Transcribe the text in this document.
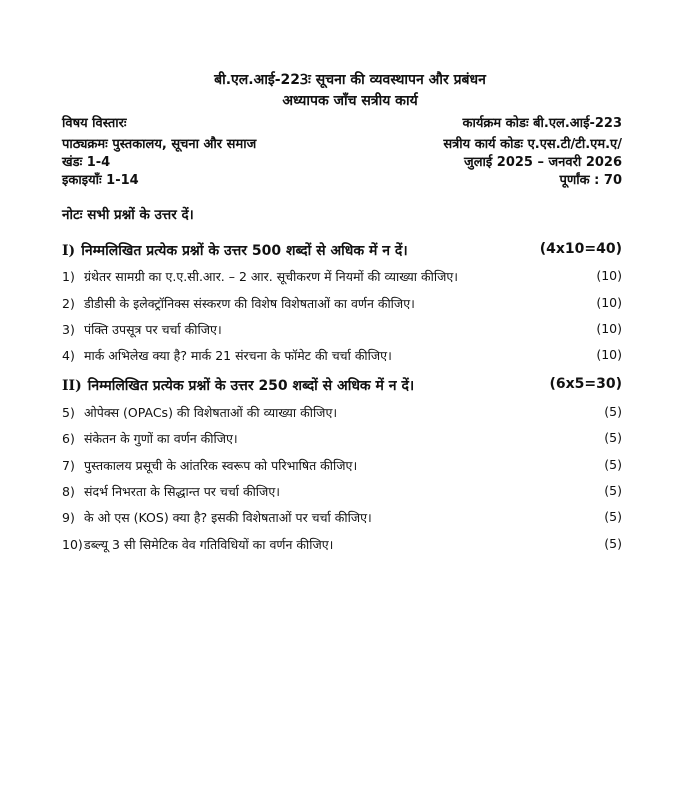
बी.एल.आई-223ः सूचना की व्यवस्थापन और प्रबंधन
अध्यापक जाँच सत्रीय कार्य
विषय विस्तारः	कार्यक्रम कोडः बी.एल.आई-223
पाठ्यक्रमः पुस्तकालय, सूचना और समाज	सत्रीय कार्य कोडः ए.एस.टी/टी.एम.ए/
खंडः 1-4	जुलाई 2025 – जनवरी 2026
इकाइयाँः 1-14	पूर्णांक : 70
नोटः सभी प्रश्नों के उत्तर दें।
I) निम्मलिखित प्रत्येक प्रश्नों के उत्तर 500 शब्दों से अधिक में न दें।	(4x10=40)
1) ग्रंथेतर सामग्री का ए.ए.सी.आर. – 2 आर. सूचीकरण में नियमों की व्याख्या कीजिए।	(10)
2) डीडीसी के इलेक्ट्रॉनिक्स संस्करण की विशेष विशेषताओं का वर्णन कीजिए।	(10)
3) पंक्ति उपसूत्र पर चर्चा कीजिए।	(10)
4) मार्क अभिलेख क्या है? मार्क 21 संरचना के फॉमेट की चर्चा कीजिए।	(10)
II) निम्मलिखित प्रत्येक प्रश्नों के उत्तर 250 शब्दों से अधिक में न दें।	(6x5=30)
5) ओपेक्स (OPACs) की विशेषताओं की व्याख्या कीजिए।	(5)
6) संकेतन के गुणों का वर्णन कीजिए।	(5)
7) पुस्तकालय प्रसूची के आंतरिक स्वरूप को परिभाषित कीजिए।	(5)
8) संदर्भ निभरता के सिद्धान्त पर चर्चा कीजिए।	(5)
9) के ओ एस (KOS) क्या है? इसकी विशेषताओं पर चर्चा कीजिए।	(5)
10)डब्ल्यू 3 सी सिमेटिक वेव गतिविधियों का वर्णन कीजिए।	(5)
